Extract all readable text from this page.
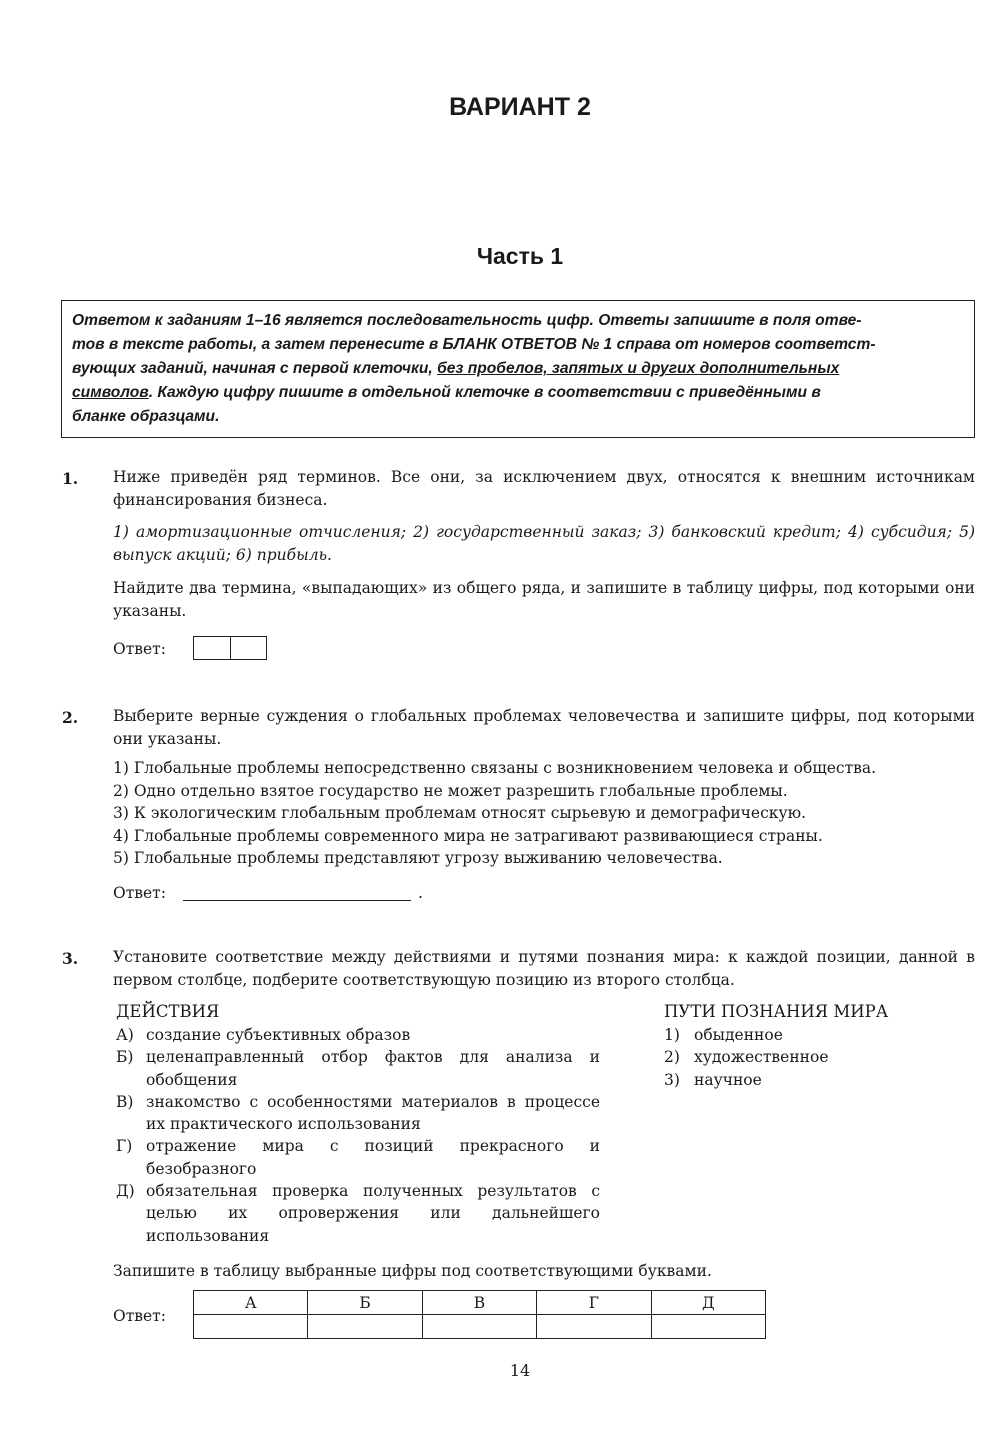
ВАРИАНТ 2
Часть 1
Ответом к заданиям 1–16 является последовательность цифр. Ответы запишите в поля отве-
тов в тексте работы, а затем перенесите в БЛАНК ОТВЕТОВ № 1 справа от номеров соответст-
вующих заданий, начиная с первой клеточки, без пробелов, запятых и других дополнительных
символов. Каждую цифру пишите в отдельной клеточке в соответствии с приведёнными в
бланке образцами.
1. Ниже приведён ряд терминов. Все они, за исключением двух, относятся к внешним источникам финансирования бизнеса.
1) амортизационные отчисления; 2) государственный заказ; 3) банковский кредит; 4) субсидия; 5) выпуск акций; 6) прибыль.
Найдите два термина, «выпадающих» из общего ряда, и запишите в таблицу цифры, под которыми они указаны.
Ответ:
2. Выберите верные суждения о глобальных проблемах человечества и запишите цифры, под которыми они указаны.
1) Глобальные проблемы непосредственно связаны с возникновением человека и общества.
2) Одно отдельно взятое государство не может разрешить глобальные проблемы.
3) К экологическим глобальным проблемам относят сырьевую и демографическую.
4) Глобальные проблемы современного мира не затрагивают развивающиеся страны.
5) Глобальные проблемы представляют угрозу выживанию человечества.
Ответ:	.
3. Установите соответствие между действиями и путями познания мира: к каждой позиции, данной в первом столбце, подберите соответствующую позицию из второго столбца.
ДЕЙСТВИЯ	ПУТИ ПОЗНАНИЯ МИРА
А) создание субъективных образов
Б) целенаправленный отбор фактов для анализа и обобщения
В) знакомство с особенностями материалов в процессе их практического использования
Г) отражение мира с позиций прекрасного и безобразного
Д) обязательная проверка полученных результатов с целью их опровержения или дальнейшего использования
1) обыденное
2) художественное
3) научное
Запишите в таблицу выбранные цифры под соответствующими буквами.
Ответ:
А	Б	В	Г	Д

14
